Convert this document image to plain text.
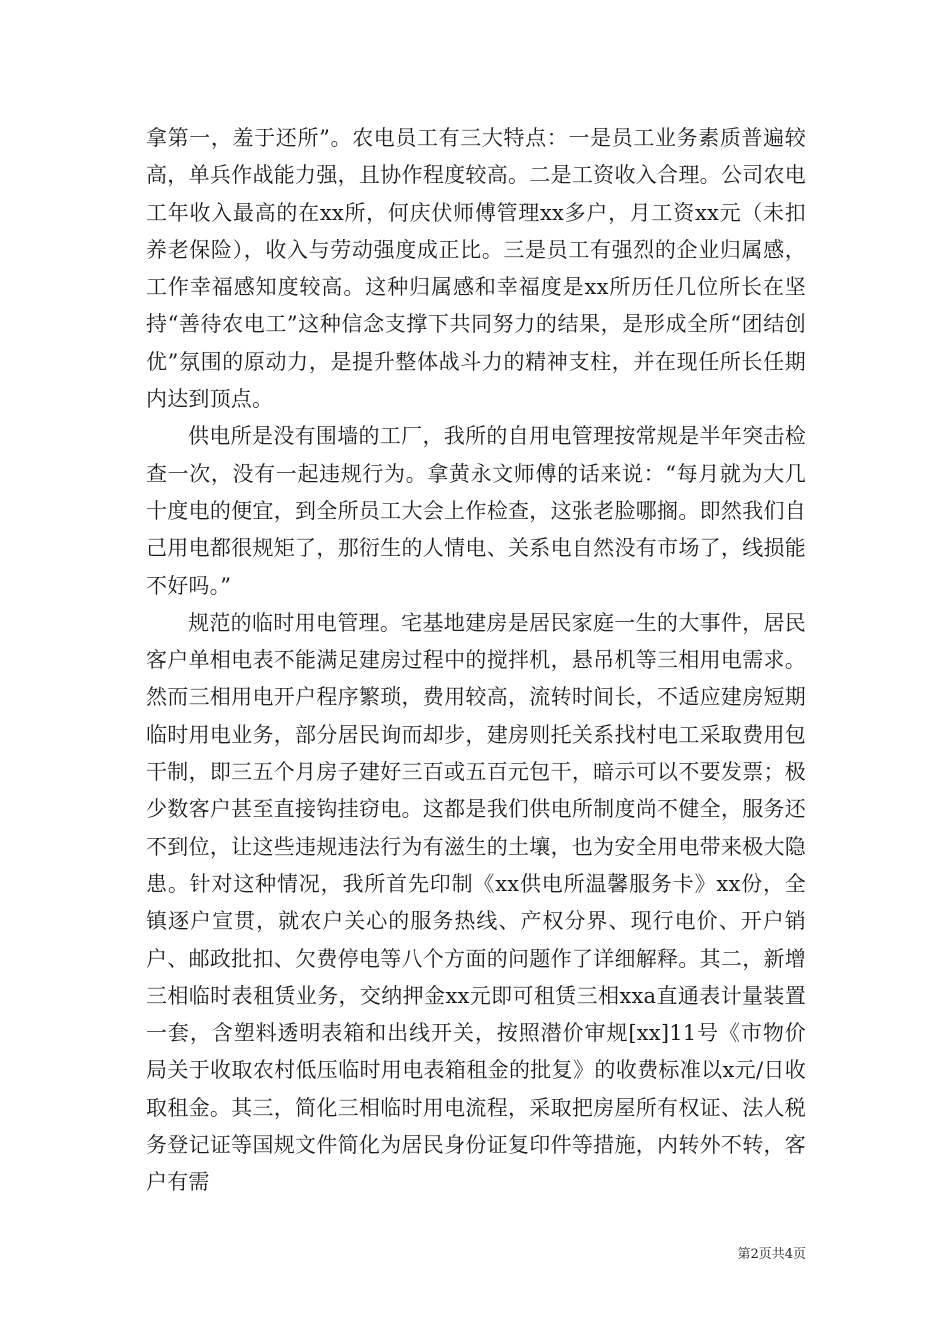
拿第一，羞于还所”。农电员工有三大特点：一是员工业务素质普遍较高，单兵作战能力强，且协作程度较高。二是工资收入合理。公司农电工年收入最高的在xx所，何庆伏师傅管理xx多户，月工资xx元（未扣养老保险），收入与劳动强度成正比。三是员工有强烈的企业归属感，工作幸福感知度较高。这种归属感和幸福度是xx所历任几位所长在坚持“善待农电工”这种信念支撑下共同努力的结果，是形成全所“团结创优”氛围的原动力，是提升整体战斗力的精神支柱，并在现任所长任期内达到顶点。

供电所是没有围墙的工厂，我所的自用电管理按常规是半年突击检查一次，没有一起违规行为。拿黄永文师傅的话来说：“每月就为大几十度电的便宜，到全所员工大会上作检查，这张老脸哪搁。即然我们自己用电都很规矩了，那衍生的人情电、关系电自然没有市场了，线损能不好吗。”

规范的临时用电管理。宅基地建房是居民家庭一生的大事件，居民客户单相电表不能满足建房过程中的搅拌机，悬吊机等三相用电需求。然而三相用电开户程序繁琐，费用较高，流转时间长，不适应建房短期临时用电业务，部分居民询而却步，建房则托关系找村电工采取费用包干制，即三五个月房子建好三百或五百元包干，暗示可以不要发票；极少数客户甚至直接钩挂窃电。这都是我们供电所制度尚不健全，服务还不到位，让这些违规违法行为有滋生的土壤，也为安全用电带来极大隐患。针对这种情况，我所首先印制《xx供电所温馨服务卡》xx份，全镇逐户宣贯，就农户关心的服务热线、产权分界、现行电价、开户销户、邮政批扣、欠费停电等八个方面的问题作了详细解释。其二，新增三相临时表租赁业务，交纳押金xx元即可租赁三相xxa直通表计量装置一套，含塑料透明表箱和出线开关，按照潜价审规[xx]11号《市物价局关于收取农村低压临时用电表箱租金的批复》的收费标准以x元/日收取租金。其三，简化三相临时用电流程，采取把房屋所有权证、法人税务登记证等国规文件简化为居民身份证复印件等措施，内转外不转，客户有需

第2页共4页
